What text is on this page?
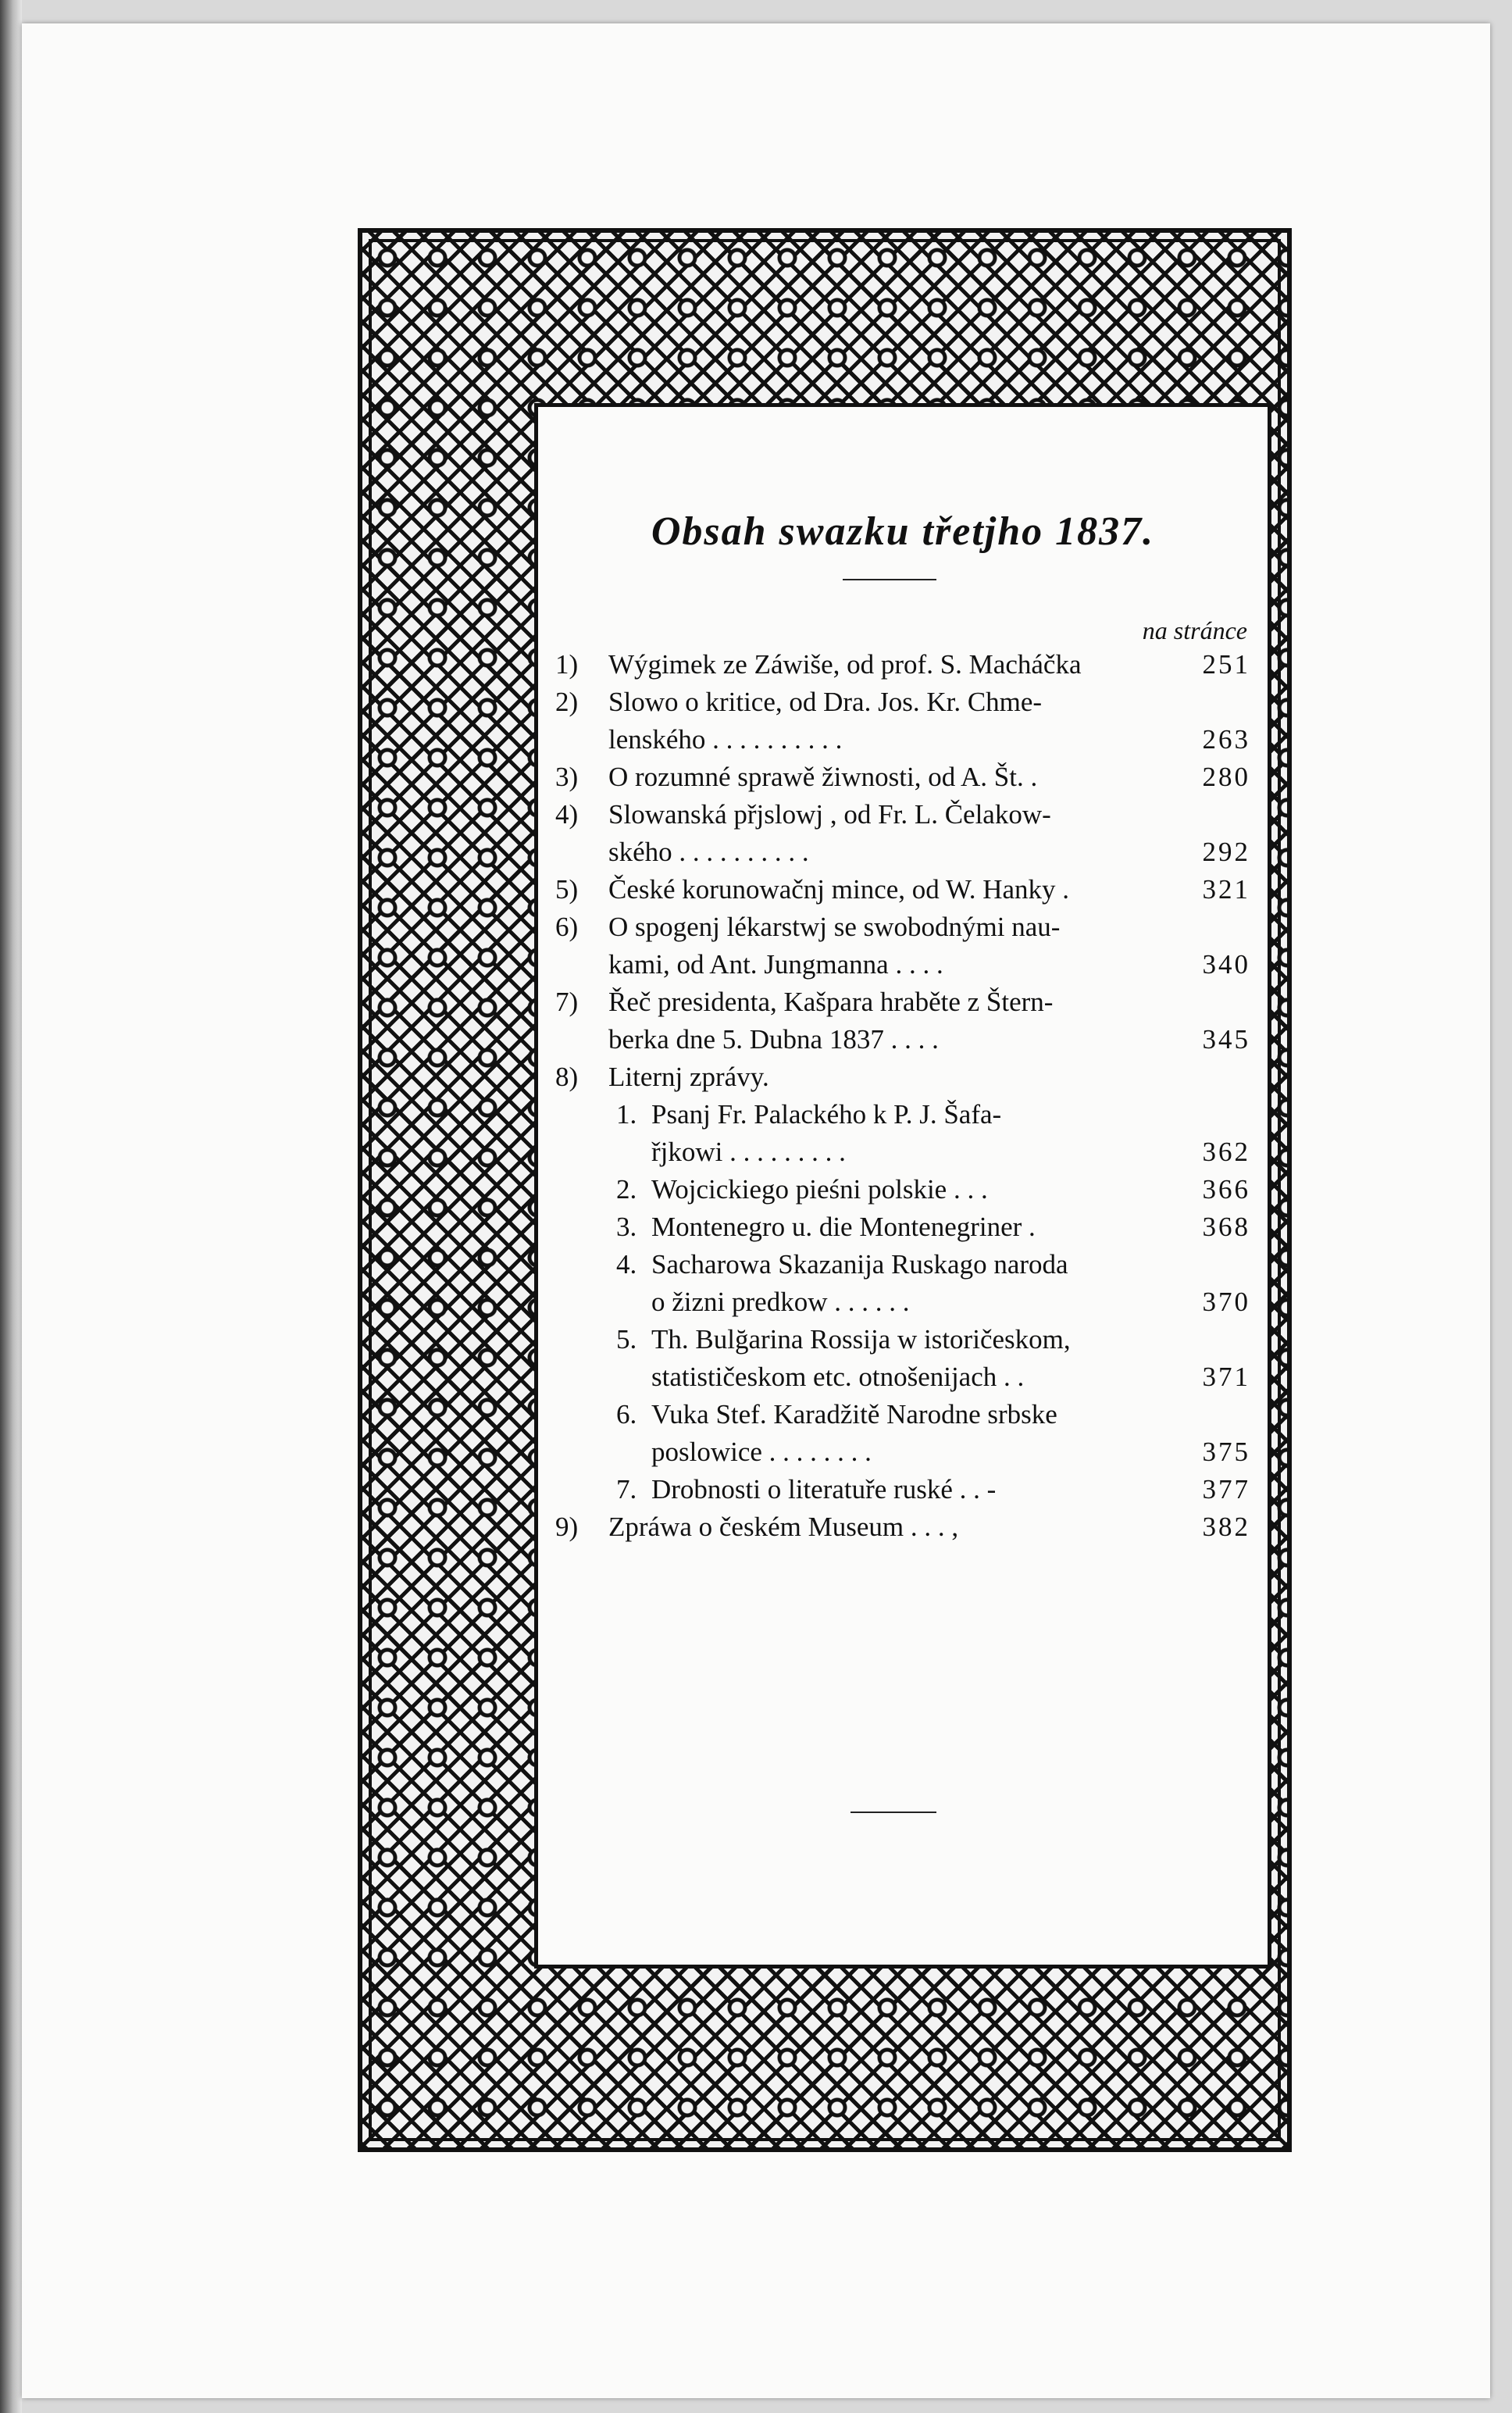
Obsah swazku třetjho 1837.
na stránce
1) Wýgimek ze Záwiše, od prof. S. Macháčka	251
2) Slowo o kritice, od Dra. Jos. Kr. Chme-
lenského . . . . . . . . . .	263
3) O rozumné sprawě žiwnosti, od A. Št. .	280
4) Slowanská přjslowj , od Fr. L. Čelakow-
ského . . . . . . . . . .	292
5) České korunowačnj mince, od W. Hanky .	321
6) O spogenj lékarstwj se swobodnými nau-
kami, od Ant. Jungmanna . . . .	340
7) Řeč presidenta, Kašpara hraběte z Štern-
berka dne 5. Dubna 1837 . . . .	345
8) Liternj zprávy.
1. Psanj Fr. Palackého k P. J. Šafa-
řjkowi . . . . . . . . .	362
2. Wojcickiego pieśni polskie . . .	366
3. Montenegro u. die Montenegriner .	368
4. Sacharowa Skazanija Ruskago naroda
o žizni predkow . . . . . .	370
5. Th. Bulğarina Rossija w istoričeskom,
statističeskom etc. otnošenijach . .	371
6. Vuka Stef. Karadžitě Narodne srbske
poslowice . . . . . . . .	375
7. Drobnosti o literatuře ruské . . -	377
9) Zpráwa o českém Museum . . . ,	382
